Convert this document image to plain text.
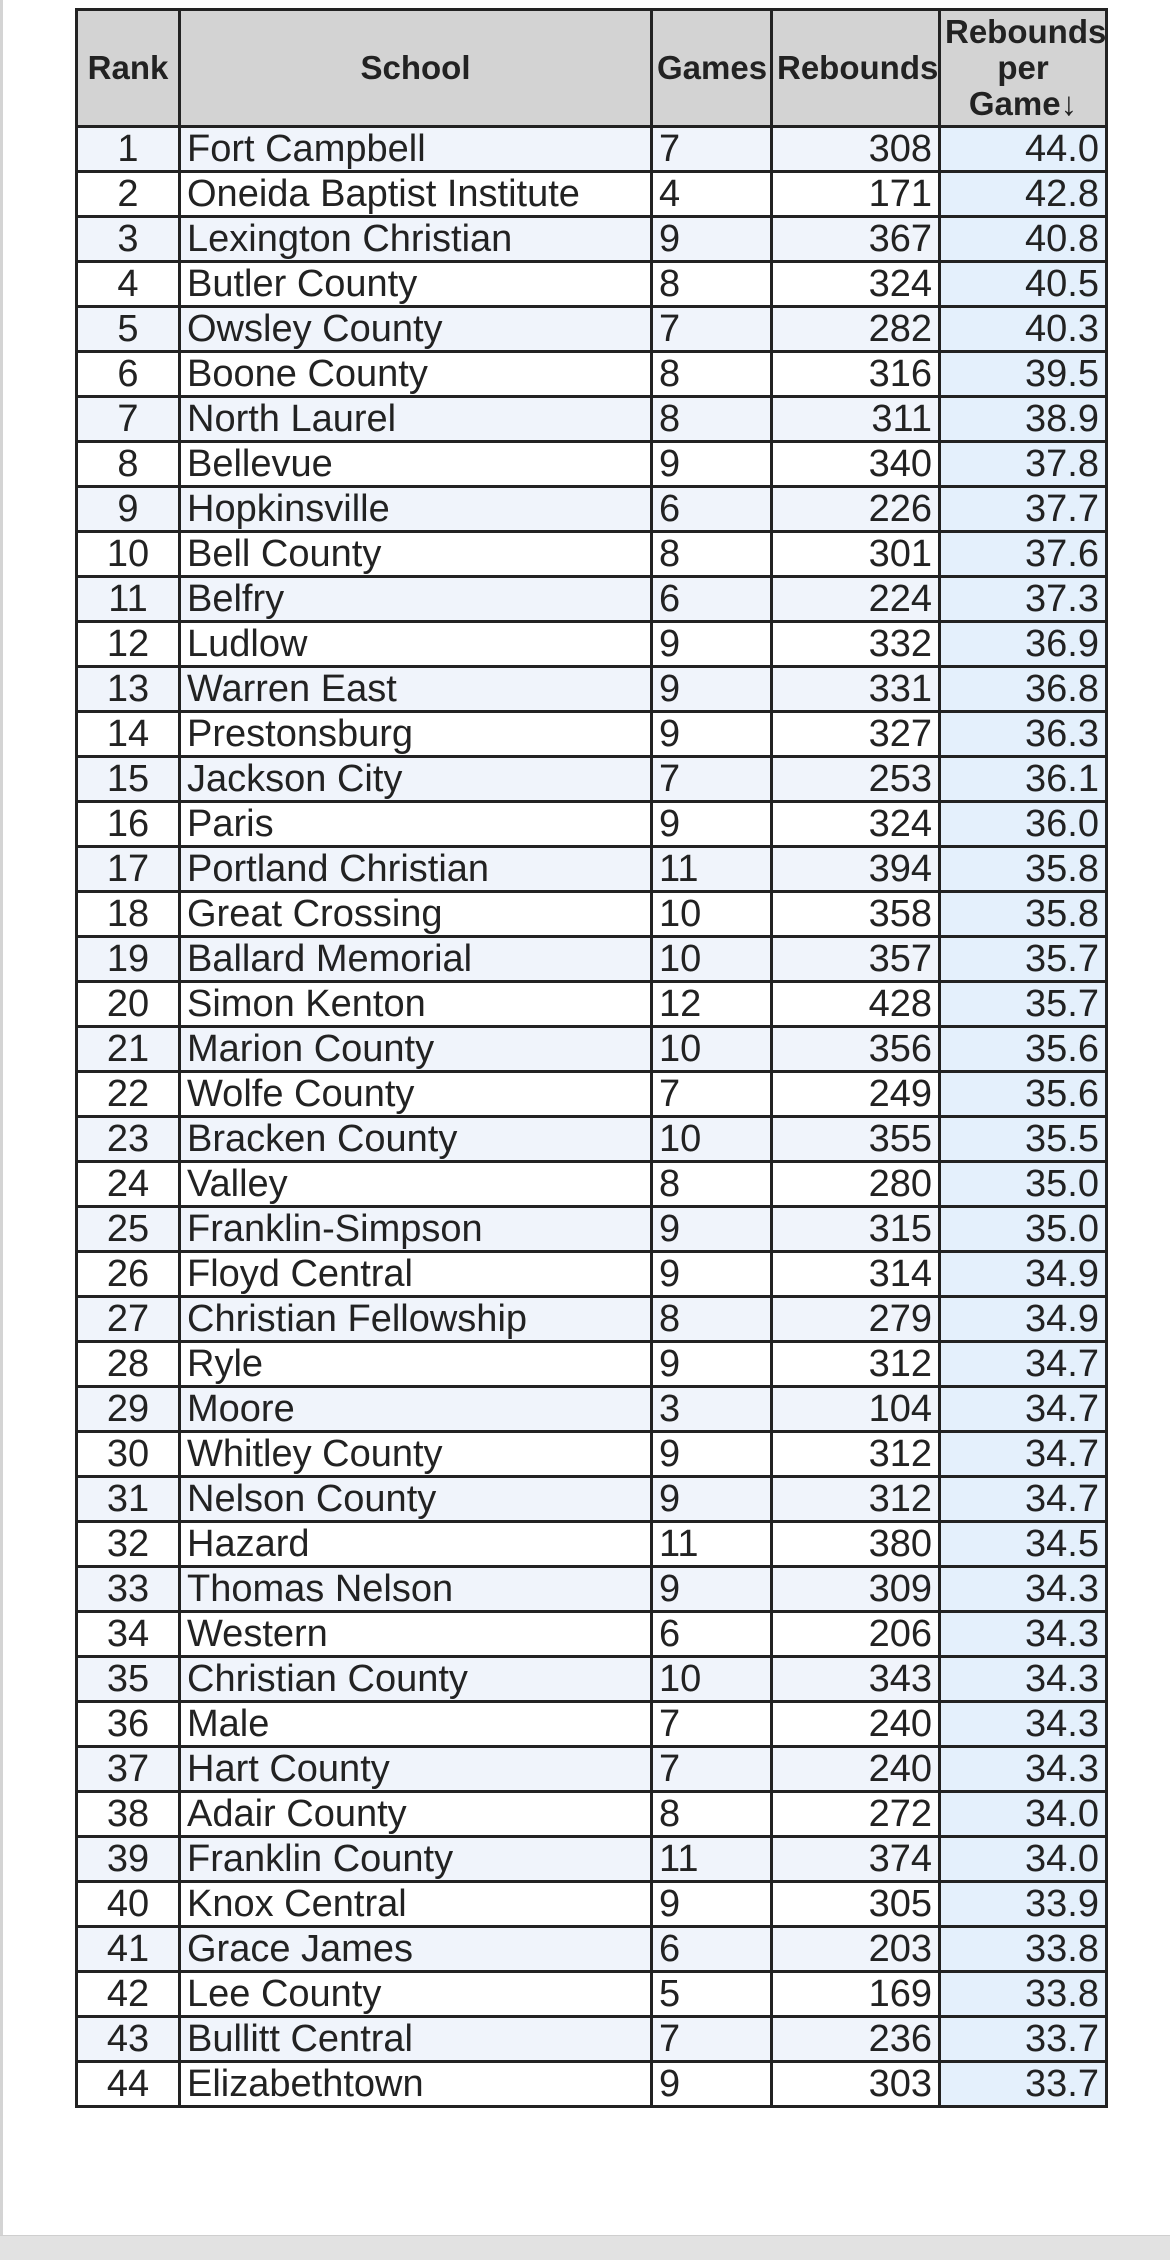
Rank	School	Games	Rebounds	Rebounds
per
Game↓

1	Fort Campbell	7	308	44.0
2	Oneida Baptist Institute	4	171	42.8
3	Lexington Christian	9	367	40.8
4	Butler County	8	324	40.5
5	Owsley County	7	282	40.3
6	Boone County	8	316	39.5
7	North Laurel	8	311	38.9
8	Bellevue	9	340	37.8
9	Hopkinsville	6	226	37.7
10	Bell County	8	301	37.6
11	Belfry	6	224	37.3
12	Ludlow	9	332	36.9
13	Warren East	9	331	36.8
14	Prestonsburg	9	327	36.3
15	Jackson City	7	253	36.1
16	Paris	9	324	36.0
17	Portland Christian	11	394	35.8
18	Great Crossing	10	358	35.8
19	Ballard Memorial	10	357	35.7
20	Simon Kenton	12	428	35.7
21	Marion County	10	356	35.6
22	Wolfe County	7	249	35.6
23	Bracken County	10	355	35.5
24	Valley	8	280	35.0
25	Franklin-Simpson	9	315	35.0
26	Floyd Central	9	314	34.9
27	Christian Fellowship	8	279	34.9
28	Ryle	9	312	34.7
29	Moore	3	104	34.7
30	Whitley County	9	312	34.7
31	Nelson County	9	312	34.7
32	Hazard	11	380	34.5
33	Thomas Nelson	9	309	34.3
34	Western	6	206	34.3
35	Christian County	10	343	34.3
36	Male	7	240	34.3
37	Hart County	7	240	34.3
38	Adair County	8	272	34.0
39	Franklin County	11	374	34.0
40	Knox Central	9	305	33.9
41	Grace James	6	203	33.8
42	Lee County	5	169	33.8
43	Bullitt Central	7	236	33.7
44	Elizabethtown	9	303	33.7
